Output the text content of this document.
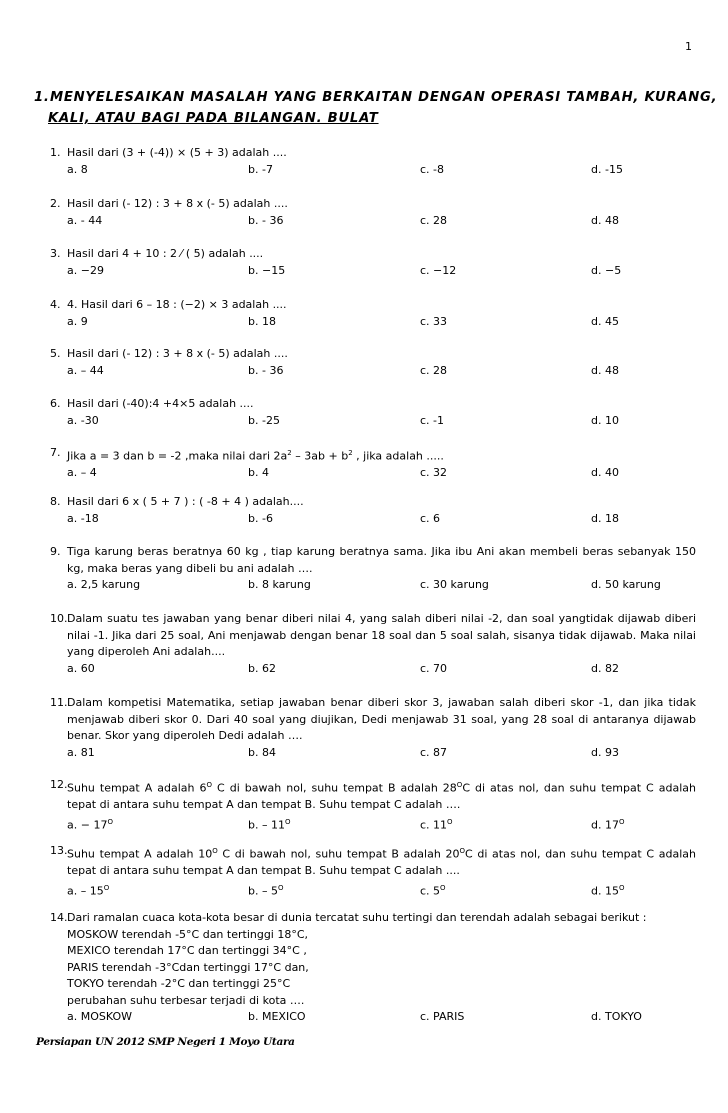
1
1. MENYELESAIKAN MASALAH YANG BERKAITAN DENGAN OPERASI TAMBAH, KURANG,
KALI, ATAU BAGI PADA BILANGAN. BULAT
1. Hasil dari (3 + (-4)) × (5 + 3) adalah ....
a. 8	b. -7	c. -8	d. -15
2. Hasil dari (- 12) : 3 + 8 x (- 5) adalah ....
a. - 44	b. - 36	c. 28	d. 48
3. Hasil dari 4 + 10 : 2 ⁄ ( 5) adalah ....
a. −29	b. −15	c. −12	d. −5
4. 4. Hasil dari 6 – 18 : (−2) × 3 adalah ....
a. 9	b. 18	c. 33	d. 45
5. Hasil dari (- 12) : 3 + 8 x (- 5) adalah ....
a. – 44	b. - 36	c. 28	d. 48
6. Hasil dari (-40):4 +4×5 adalah ....
a. -30	b. -25	c. -1	d. 10
7. Jika a = 3 dan b = -2 ,maka nilai dari $2a^2 - 3ab + b^2$ , jika adalah .....
a. – 4	b. 4	c. 32	d. 40
8. Hasil dari 6 x ( 5 + 7 ) : ( -8 + 4 ) adalah....
a. -18	b. -6	c. 6	d. 18
9. Tiga karung beras beratnya 60 kg , tiap karung beratnya sama. Jika ibu Ani akan membeli beras sebanyak 150 kg, maka beras yang dibeli bu ani adalah ….
a. 2,5 karung	b. 8 karung	c. 30 karung	d. 50 karung
10. Dalam suatu tes jawaban yang benar diberi nilai 4, yang salah diberi nilai -2, dan soal yangtidak dijawab diberi nilai -1. Jika dari 25 soal, Ani menjawab dengan benar 18 soal dan 5 soal salah, sisanya tidak dijawab. Maka nilai yang diperoleh Ani adalah....
a. 60	b. 62	c. 70	d. 82
11. Dalam kompetisi Matematika, setiap jawaban benar diberi skor 3, jawaban salah diberi skor -1, dan jika tidak menjawab diberi skor 0. Dari 40 soal yang diujikan, Dedi menjawab 31 soal, yang 28 soal di antaranya dijawab benar. Skor yang diperoleh Dedi adalah ….
a. 81	b. 84	c. 87	d. 93
12. Suhu tempat A adalah $6^O$ C di bawah nol, suhu tempat B adalah $28^OC$ di atas nol, dan suhu tempat C adalah tepat di antara suhu tempat A dan tempat B. Suhu tempat C adalah ….
a. − $17^O$	b. – $11^O$	c. $11^O$	d. $17^O$
13. Suhu tempat A adalah $10^O$ C di bawah nol, suhu tempat B adalah $20^OC$ di atas nol, dan suhu tempat C adalah tepat di antara suhu tempat A dan tempat B. Suhu tempat C adalah ....
a. – $15^O$	b. – $5^O$	c. $5^O$	d. $15^O$
14. Dari ramalan cuaca kota-kota besar di dunia tercatat suhu tertingi dan terendah adalah sebagai berikut :
MOSKOW terendah -5°C dan tertinggi 18°C,
MEXICO terendah 17°C dan tertinggi 34°C ,
PARIS terendah -3°Cdan tertinggi 17°C dan,
TOKYO terendah -2°C dan tertinggi 25°C
perubahan suhu terbesar terjadi di kota ….
a. MOSKOW	b. MEXICO	c. PARIS	d. TOKYO
Persiapan UN 2012 SMP Negeri 1 Moyo Utara
